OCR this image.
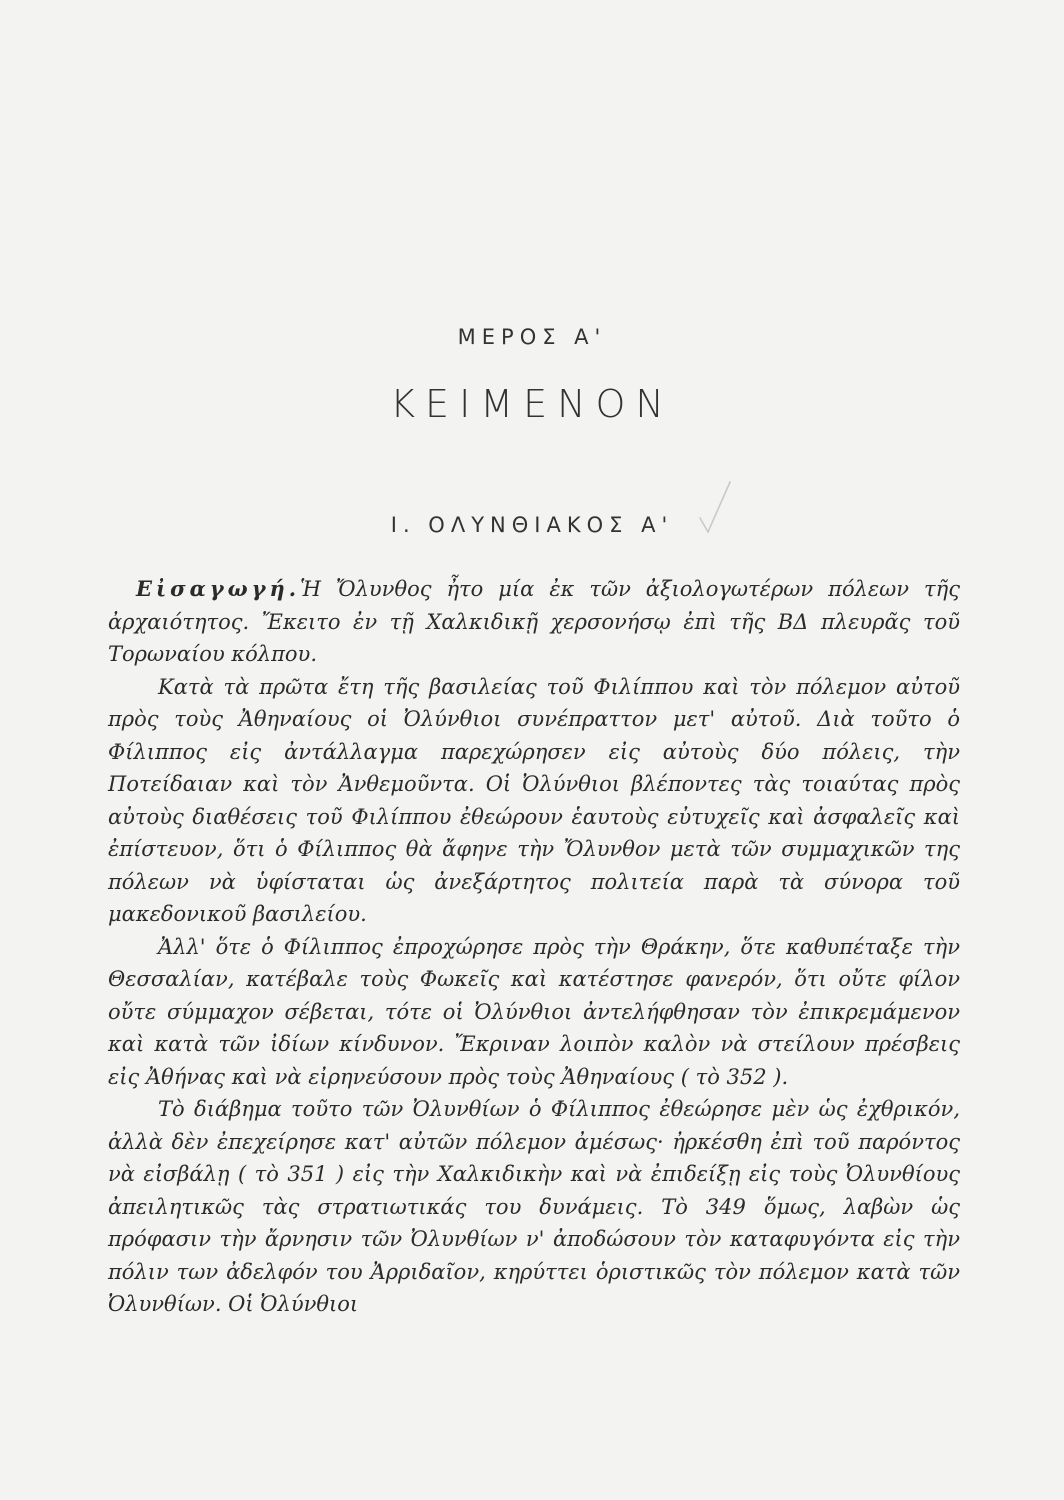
ΜΕΡΟΣ Α'
ΚΕΙΜΕΝΟΝ
I. ΟΛΥΝΘΙΑΚΟΣ Α'

Εἰσαγωγή.Ἡ Ὄλυνθος ἦτο μία ἐκ τῶν ἀξιολογωτέρων πόλεων τῆς ἀρχαιότητος. Ἔκειτο ἐν τῇ Χαλκιδικῇ χερσονήσῳ ἐπὶ τῆς ΒΔ πλευρᾶς τοῦ Τορωναίου κόλπου.

Κατὰ τὰ πρῶτα ἔτη τῆς βασιλείας τοῦ Φιλίππου καὶ τὸν πόλεμον αὐτοῦ πρὸς τοὺς Ἀθηναίους οἱ Ὀλύνθιοι συνέπραττον μετ' αὐτοῦ. Διὰ τοῦτο ὁ Φίλιππος εἰς ἀντάλλαγμα παρεχώρησεν εἰς αὐτοὺς δύο πόλεις, τὴν Ποτείδαιαν καὶ τὸν Ἀνθεμοῦντα. Οἱ Ὀλύνθιοι βλέποντες τὰς τοιαύτας πρὸς αὐτοὺς διαθέσεις τοῦ Φιλίππου ἐθεώρουν ἑαυτοὺς εὐτυχεῖς καὶ ἀσφαλεῖς καὶ ἐπίστευον, ὅτι ὁ Φίλιππος θὰ ἄφηνε τὴν Ὄλυνθον μετὰ τῶν συμμαχικῶν της πόλεων νὰ ὑφίσταται ὡς ἀνεξάρτητος πολιτεία παρὰ τὰ σύνορα τοῦ μακεδονικοῦ βασιλείου.

Ἀλλ' ὅτε ὁ Φίλιππος ἐπροχώρησε πρὸς τὴν Θράκην, ὅτε καθυπέταξε τὴν Θεσσαλίαν, κατέβαλε τοὺς Φωκεῖς καὶ κατέστησε φανερόν, ὅτι οὔτε φίλον οὔτε σύμμαχον σέβεται, τότε οἱ Ὀλύνθιοι ἀντελήφθησαν τὸν ἐπικρεμάμενον καὶ κατὰ τῶν ἰδίων κίνδυνον. Ἔκριναν λοιπὸν καλὸν νὰ στείλουν πρέσβεις εἰς Ἀθήνας καὶ νὰ εἰρηνεύσουν πρὸς τοὺς Ἀθηναίους ( τὸ 352 ).

Τὸ διάβημα τοῦτο τῶν Ὀλυνθίων ὁ Φίλιππος ἐθεώρησε μὲν ὡς ἐχθρικόν, ἀλλὰ δὲν ἐπεχείρησε κατ' αὐτῶν πόλεμον ἀμέσως· ἠρκέσθη ἐπὶ τοῦ παρόντος νὰ εἰσβάλῃ ( τὸ 351 ) εἰς τὴν Χαλκιδικὴν καὶ νὰ ἐπιδείξῃ εἰς τοὺς Ὀλυνθίους ἀπειλητικῶς τὰς στρατιωτικάς του δυνάμεις. Τὸ 349 ὅμως, λαβὼν ὡς πρόφασιν τὴν ἄρνησιν τῶν Ὀλυνθίων ν' ἀποδώσουν τὸν καταφυγόντα εἰς τὴν πόλιν των ἀδελφόν του Ἀρριδαῖον, κηρύττει ὁριστικῶς τὸν πόλεμον κατὰ τῶν Ὀλυνθίων. Οἱ Ὀλύνθιοι
